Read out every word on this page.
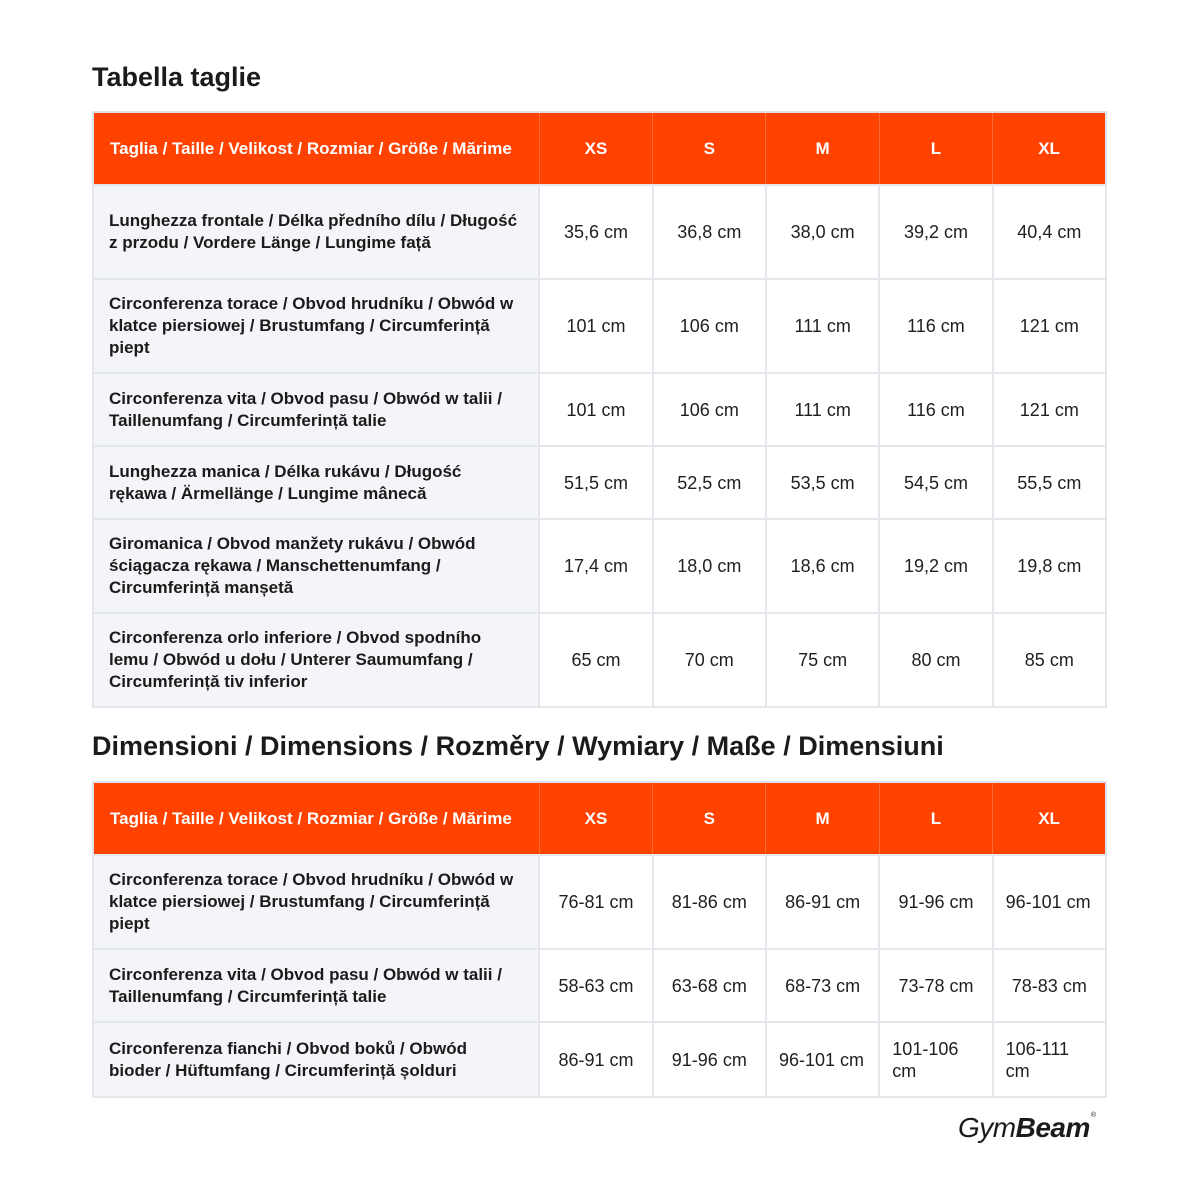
Tabella taglie
Taglia / Taille / Velikost / Rozmiar / Größe / Mărime	XS	S	M	L	XL
Lunghezza frontale / Délka předního dílu / Długość z przodu / Vordere Länge / Lungime față	35,6 cm	36,8 cm	38,0 cm	39,2 cm	40,4 cm
Circonferenza torace / Obvod hrudníku / Obwód w klatce piersiowej / Brustumfang / Circumferință piept	101 cm	106 cm	111 cm	116 cm	121 cm
Circonferenza vita / Obvod pasu / Obwód w talii / Taillenumfang / Circumferință talie	101 cm	106 cm	111 cm	116 cm	121 cm
Lunghezza manica / Délka rukávu / Długość rękawa / Ärmellänge / Lungime mânecă	51,5 cm	52,5 cm	53,5 cm	54,5 cm	55,5 cm
Giromanica / Obvod manžety rukávu / Obwód ściągacza rękawa / Manschettenumfang / Circumferință manșetă	17,4 cm	18,0 cm	18,6 cm	19,2 cm	19,8 cm
Circonferenza orlo inferiore / Obvod spodního lemu / Obwód u dołu / Unterer Saumumfang / Circumferință tiv inferior	65 cm	70 cm	75 cm	80 cm	85 cm
Dimensioni / Dimensions / Rozměry / Wymiary / Maße / Dimensiuni
Taglia / Taille / Velikost / Rozmiar / Größe / Mărime	XS	S	M	L	XL
Circonferenza torace / Obvod hrudníku / Obwód w klatce piersiowej / Brustumfang / Circumferință piept	76-81 cm	81-86 cm	86-91 cm	91-96 cm	96-101 cm
Circonferenza vita / Obvod pasu / Obwód w talii / Taillenumfang / Circumferință talie	58-63 cm	63-68 cm	68-73 cm	73-78 cm	78-83 cm
Circonferenza fianchi / Obvod boků / Obwód bioder / Hüftumfang / Circumferință șolduri	86-91 cm	91-96 cm	96-101 cm	101-106 cm	106-111 cm
GymBeam®
